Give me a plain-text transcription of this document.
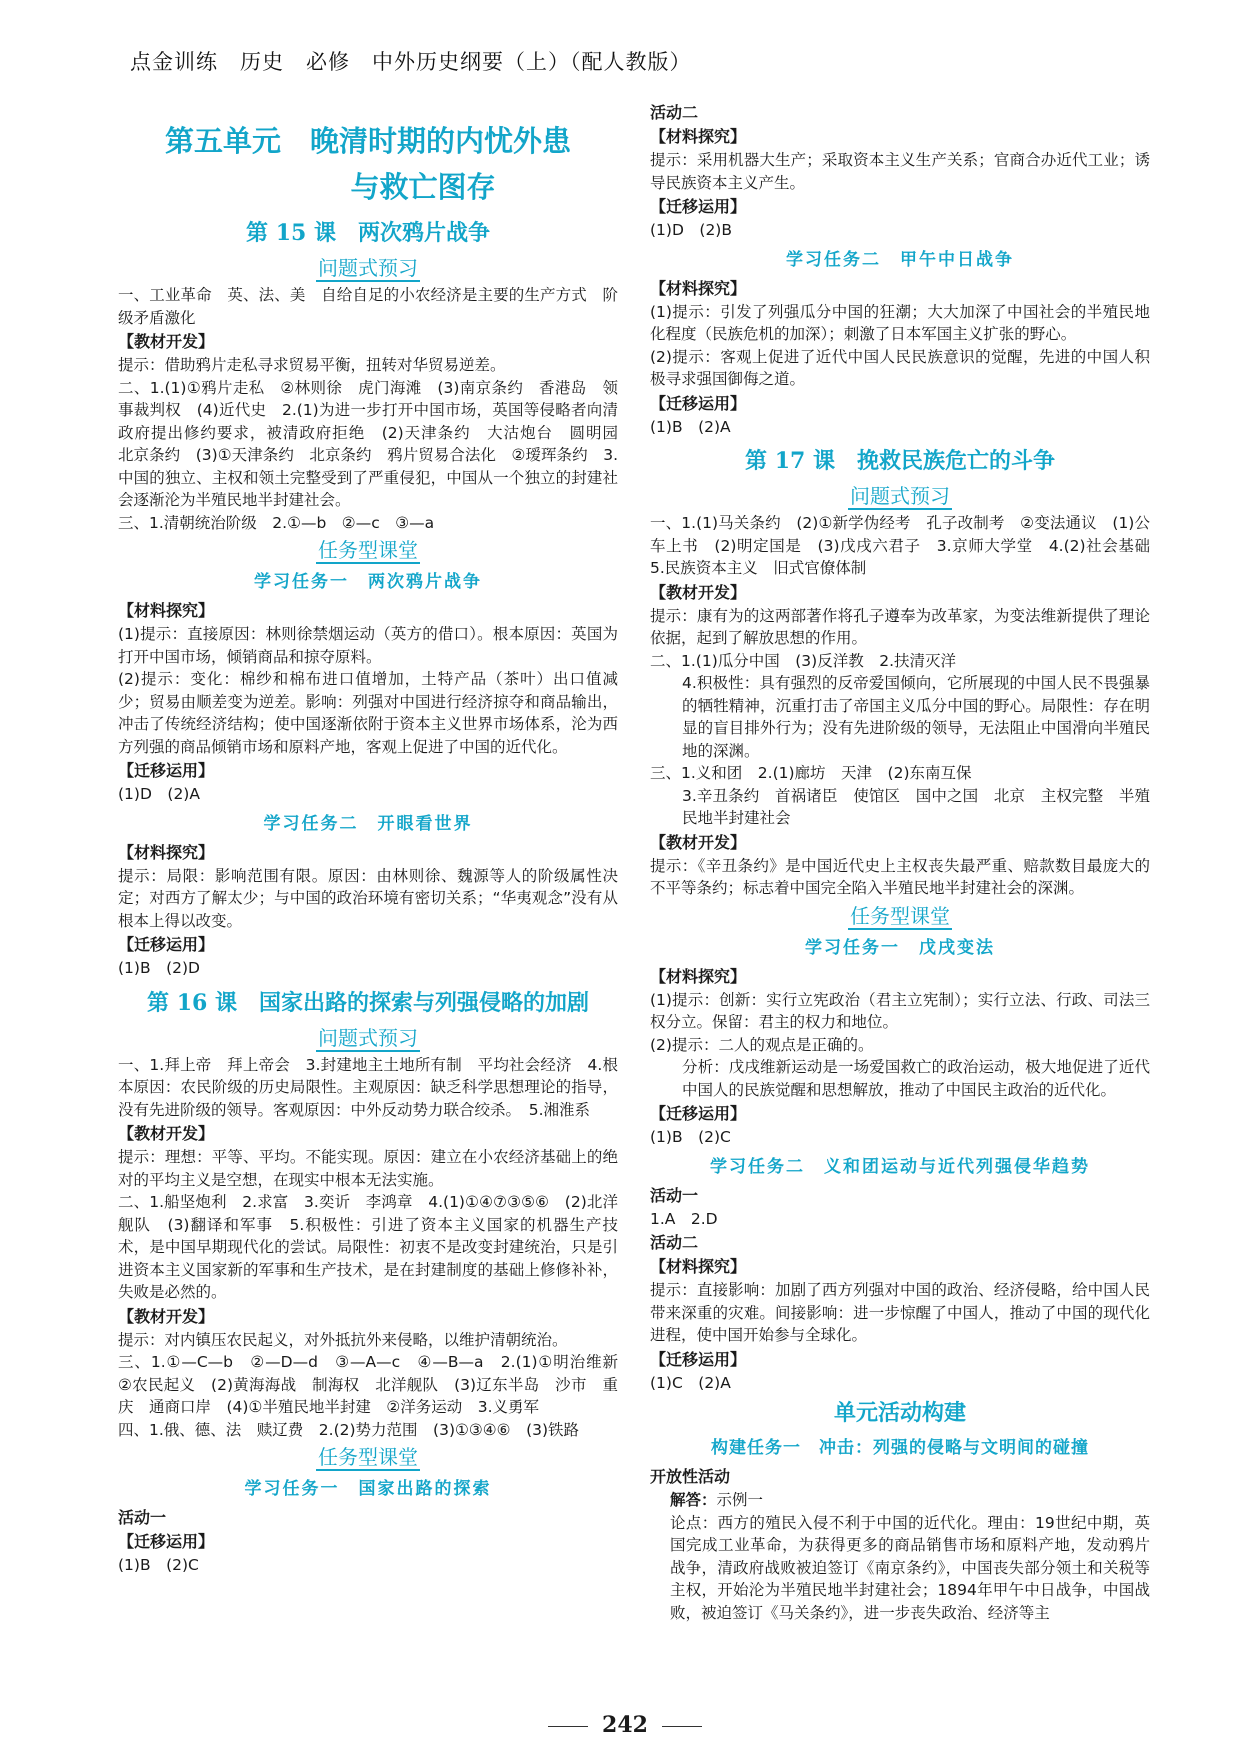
点金训练　历史　必修　中外历史纲要（上）（配人教版）
第五单元　晚清时期的内忧外患
与救亡图存
第 15 课　两次鸦片战争
问题式预习

一、工业革命　英、法、美　自给自足的小农经济是主要的生产方式　阶级矛盾激化

【教材开发】

提示：借助鸦片走私寻求贸易平衡，扭转对华贸易逆差。

二、1.(1)①鸦片走私　②林则徐　虎门海滩　(3)南京条约　香港岛　领事裁判权　(4)近代史　2.(1)为进一步打开中国市场，英国等侵略者向清政府提出修约要求，被清政府拒绝　(2)天津条约　大沽炮台　圆明园　北京条约　(3)①天津条约　北京条约　鸦片贸易合法化　②瑷珲条约　3.中国的独立、主权和领土完整受到了严重侵犯，中国从一个独立的封建社会逐渐沦为半殖民地半封建社会。

三、1.清朝统治阶级　2.①—b　②—c　③—a

任务型课堂
学习任务一　两次鸦片战争
【材料探究】

(1)提示：直接原因：林则徐禁烟运动（英方的借口）。根本原因：英国为打开中国市场，倾销商品和掠夺原料。

(2)提示：变化：棉纱和棉布进口值增加，土特产品（茶叶）出口值减少；贸易由顺差变为逆差。影响：列强对中国进行经济掠夺和商品输出，冲击了传统经济结构；使中国逐渐依附于资本主义世界市场体系，沦为西方列强的商品倾销市场和原料产地，客观上促进了中国的近代化。

【迁移运用】

(1)D　(2)A

学习任务二　开眼看世界
【材料探究】

提示：局限：影响范围有限。原因：由林则徐、魏源等人的阶级属性决定；对西方了解太少；与中国的政治环境有密切关系；“华夷观念”没有从根本上得以改变。

【迁移运用】

(1)B　(2)D

第 16 课　国家出路的探索与列强侵略的加剧
问题式预习

一、1.拜上帝　拜上帝会　3.封建地主土地所有制　平均社会经济　4.根本原因：农民阶级的历史局限性。主观原因：缺乏科学思想理论的指导，没有先进阶级的领导。客观原因：中外反动势力联合绞杀。　5.湘淮系

【教材开发】

提示：理想：平等、平均。不能实现。原因：建立在小农经济基础上的绝对的平均主义是空想，在现实中根本无法实施。

二、1.船坚炮利　2.求富　3.奕䜣　李鸿章　4.(1)①④⑦③⑤⑥　(2)北洋舰队　(3)翻译和军事　5.积极性：引进了资本主义国家的机器生产技术，是中国早期现代化的尝试。局限性：初衷不是改变封建统治，只是引进资本主义国家新的军事和生产技术，是在封建制度的基础上修修补补，失败是必然的。

【教材开发】

提示：对内镇压农民起义，对外抵抗外来侵略，以维护清朝统治。

三、1.①—C—b　②—D—d　③—A—c　④—B—a　2.(1)①明治维新　②农民起义　(2)黄海海战　制海权　北洋舰队　(3)辽东半岛　沙市　重庆　通商口岸　(4)①半殖民地半封建　②洋务运动　3.义勇军

四、1.俄、德、法　赎辽费　2.(2)势力范围　(3)①③④⑥　(3)铁路

任务型课堂
学习任务一　国家出路的探索
活动一
【迁移运用】

(1)B　(2)C

活动二
【材料探究】

提示：采用机器大生产；采取资本主义生产关系；官商合办近代工业；诱导民族资本主义产生。

【迁移运用】

(1)D　(2)B

学习任务二　甲午中日战争
【材料探究】

(1)提示：引发了列强瓜分中国的狂潮；大大加深了中国社会的半殖民地化程度（民族危机的加深）；刺激了日本军国主义扩张的野心。

(2)提示：客观上促进了近代中国人民民族意识的觉醒，先进的中国人积极寻求强国御侮之道。

【迁移运用】

(1)B　(2)A

第 17 课　挽救民族危亡的斗争
问题式预习

一、1.(1)马关条约　(2)①新学伪经考　孔子改制考　②变法通议　(1)公车上书　(2)明定国是　(3)戊戌六君子　3.京师大学堂　4.(2)社会基础　5.民族资本主义　旧式官僚体制

【教材开发】

提示：康有为的这两部著作将孔子遵奉为改革家，为变法维新提供了理论依据，起到了解放思想的作用。

二、1.(1)瓜分中国　(3)反洋教　2.扶清灭洋

4.积极性：具有强烈的反帝爱国倾向，它所展现的中国人民不畏强暴的牺牲精神，沉重打击了帝国主义瓜分中国的野心。局限性：存在明显的盲目排外行为；没有先进阶级的领导，无法阻止中国滑向半殖民地的深渊。

三、1.义和团　2.(1)廊坊　天津　(2)东南互保

3.辛丑条约　首祸诸臣　使馆区　国中之国　北京　主权完整　半殖民地半封建社会

【教材开发】

提示：《辛丑条约》是中国近代史上主权丧失最严重、赔款数目最庞大的不平等条约；标志着中国完全陷入半殖民地半封建社会的深渊。

任务型课堂
学习任务一　戊戌变法
【材料探究】

(1)提示：创新：实行立宪政治（君主立宪制）；实行立法、行政、司法三权分立。保留：君主的权力和地位。

(2)提示：二人的观点是正确的。

分析：戊戌维新运动是一场爱国救亡的政治运动，极大地促进了近代中国人的民族觉醒和思想解放，推动了中国民主政治的近代化。

【迁移运用】

(1)B　(2)C

学习任务二　义和团运动与近代列强侵华趋势
活动一

1.A　2.D

活动二
【材料探究】

提示：直接影响：加剧了西方列强对中国的政治、经济侵略，给中国人民带来深重的灾难。间接影响：进一步惊醒了中国人，推动了中国的现代化进程，使中国开始参与全球化。

【迁移运用】

(1)C　(2)A

单元活动构建
构建任务一　冲击：列强的侵略与文明间的碰撞
开放性活动

解答：示例一

论点：西方的殖民入侵不利于中国的近代化。理由：19世纪中期，英国完成工业革命，为获得更多的商品销售市场和原料产地，发动鸦片战争，清政府战败被迫签订《南京条约》，中国丧失部分领土和关税等主权，开始沦为半殖民地半封建社会；1894年甲午中日战争，中国战败，被迫签订《马关条约》，进一步丧失政治、经济等主

242
